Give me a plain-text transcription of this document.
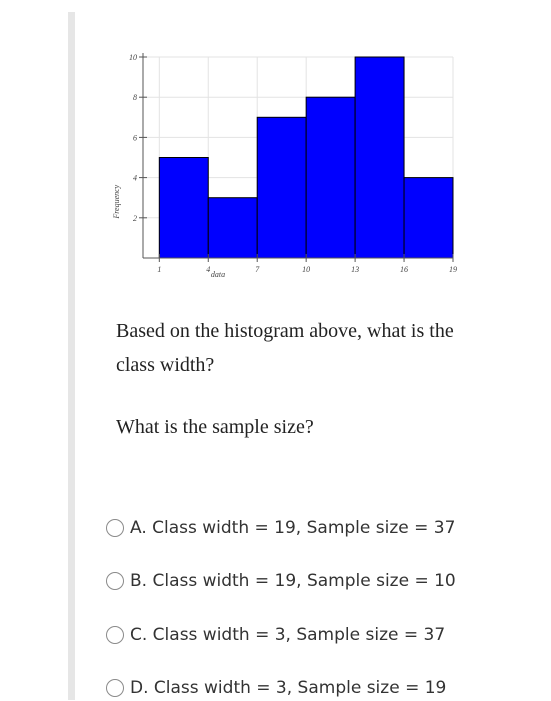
2
4
6
8
10
1	4	7	10	13	16	19
data
Frequency
Based on the histogram above, what is the class width?
What is the sample size?
A. Class width = 19, Sample size = 37
B. Class width = 19, Sample size = 10
C. Class width = 3, Sample size = 37
D. Class width = 3, Sample size = 19
